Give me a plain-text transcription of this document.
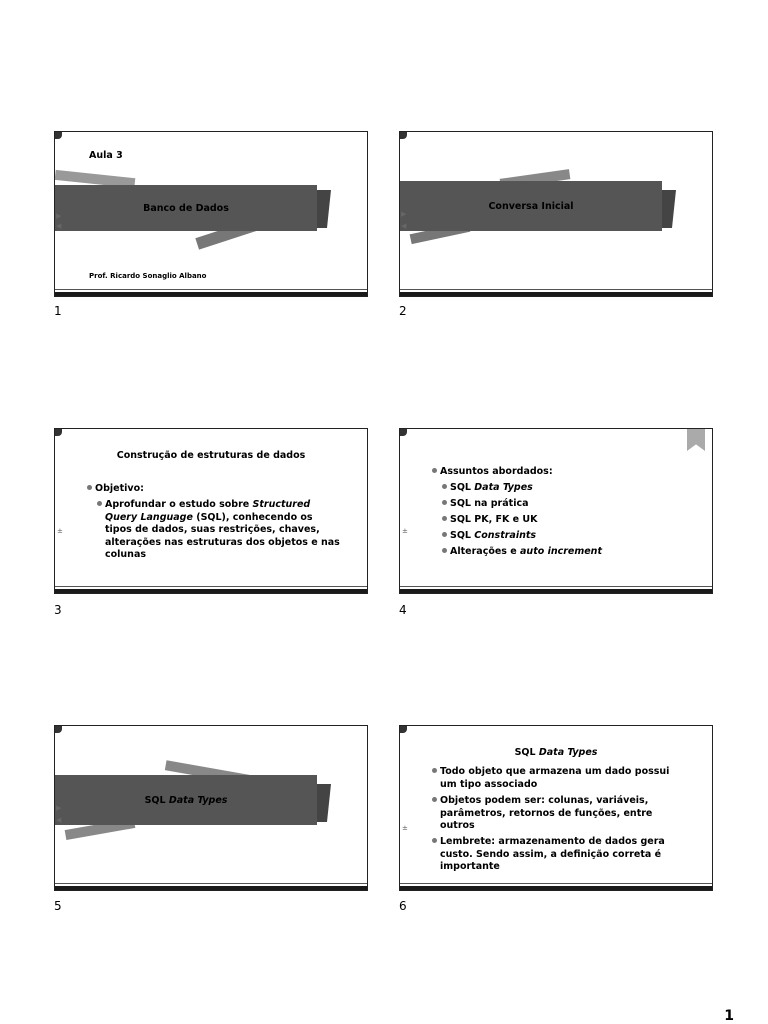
Banco de Dados
Aula 3
▶
◀
Prof. Ricardo Sonaglio Albano
1
Conversa Inicial
▶
◀
2
Construção de estruturas de dados
Objetivo:
Aprofundar o estudo sobre Structured
Query Language (SQL), conhecendo os
tipos de dados, suas restrições, chaves,
alterações nas estruturas dos objetos e nas
colunas
±
3
Assuntos abordados:
SQL Data Types
SQL na prática
SQL PK, FK e UK
SQL Constraints
Alterações e auto increment
±
4
SQL Data Types
▶
◀
5
SQL Data Types
Todo objeto que armazena um dado possui
um tipo associado
Objetos podem ser: colunas, variáveis,
parâmetros, retornos de funções, entre
outros
Lembrete: armazenamento de dados gera
custo. Sendo assim, a definição correta é
importante
±
6
1
